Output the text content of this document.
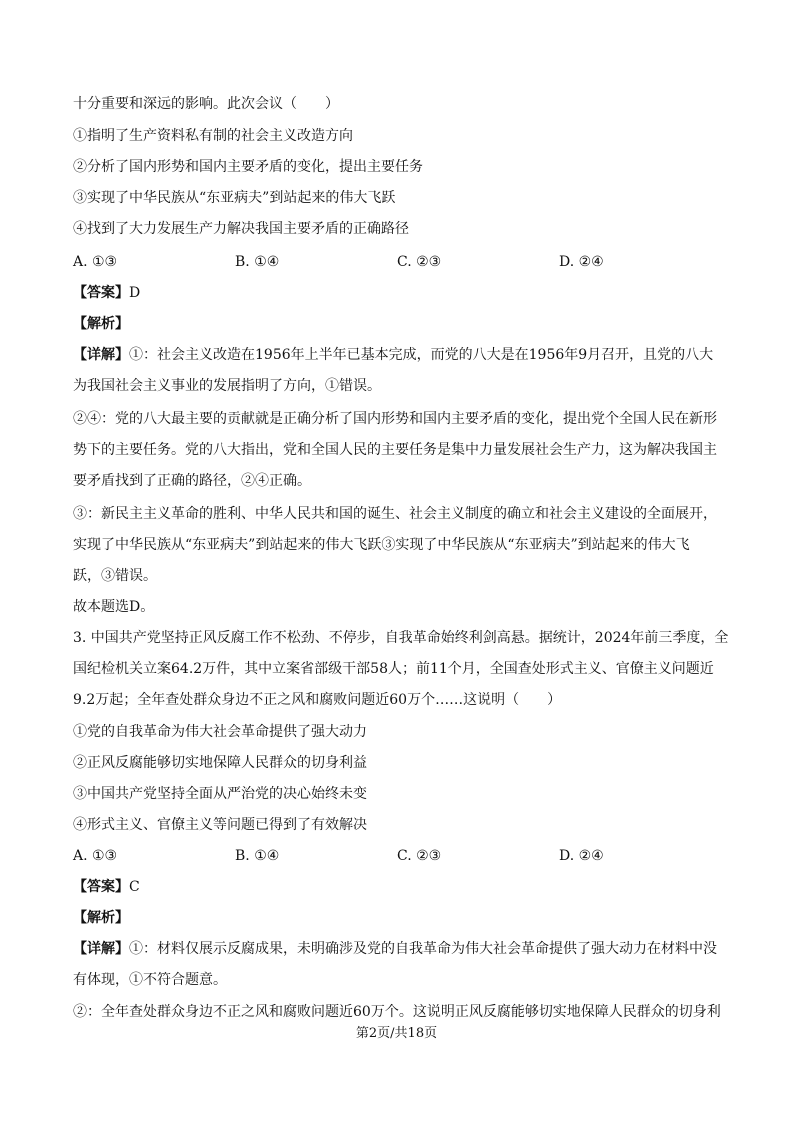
十分重要和深远的影响。此次会议（　　）
①指明了生产资料私有制的社会主义改造方向
②分析了国内形势和国内主要矛盾的变化，提出主要任务
③实现了中华民族从“东亚病夫”到站起来的伟大飞跃
④找到了大力发展生产力解决我国主要矛盾的正确路径
A. ①③	B. ①④	C. ②③	D. ②④
【答案】D
【解析】
【详解】①：社会主义改造在1956年上半年已基本完成，而党的八大是在1956年9月召开，且党的八大
为我国社会主义事业的发展指明了方向，①错误。
②④：党的八大最主要的贡献就是正确分析了国内形势和国内主要矛盾的变化，提出党个全国人民在新形
势下的主要任务。党的八大指出，党和全国人民的主要任务是集中力量发展社会生产力，这为解决我国主
要矛盾找到了正确的路径，②④正确。
③：新民主主义革命的胜利、中华人民共和国的诞生、社会主义制度的确立和社会主义建设的全面展开，
实现了中华民族从“东亚病夫”到站起来的伟大飞跃③实现了中华民族从“东亚病夫”到站起来的伟大飞
跃，③错误。
故本题选D。
3. 中国共产党坚持正风反腐工作不松劲、不停步，自我革命始终利剑高悬。据统计，2024年前三季度，全
国纪检机关立案64.2万件，其中立案省部级干部58人；前11个月，全国查处形式主义、官僚主义问题近
9.2万起；全年查处群众身边不正之风和腐败问题近60万个……这说明（　　）
①党的自我革命为伟大社会革命提供了强大动力
②正风反腐能够切实地保障人民群众的切身利益
③中国共产党坚持全面从严治党的决心始终未变
④形式主义、官僚主义等问题已得到了有效解决
A. ①③	B. ①④	C. ②③	D. ②④
【答案】C
【解析】
【详解】①：材料仅展示反腐成果，未明确涉及党的自我革命为伟大社会革命提供了强大动力在材料中没
有体现，①不符合题意。
②：全年查处群众身边不正之风和腐败问题近60万个。这说明正风反腐能够切实地保障人民群众的切身利
第2页/共18页
